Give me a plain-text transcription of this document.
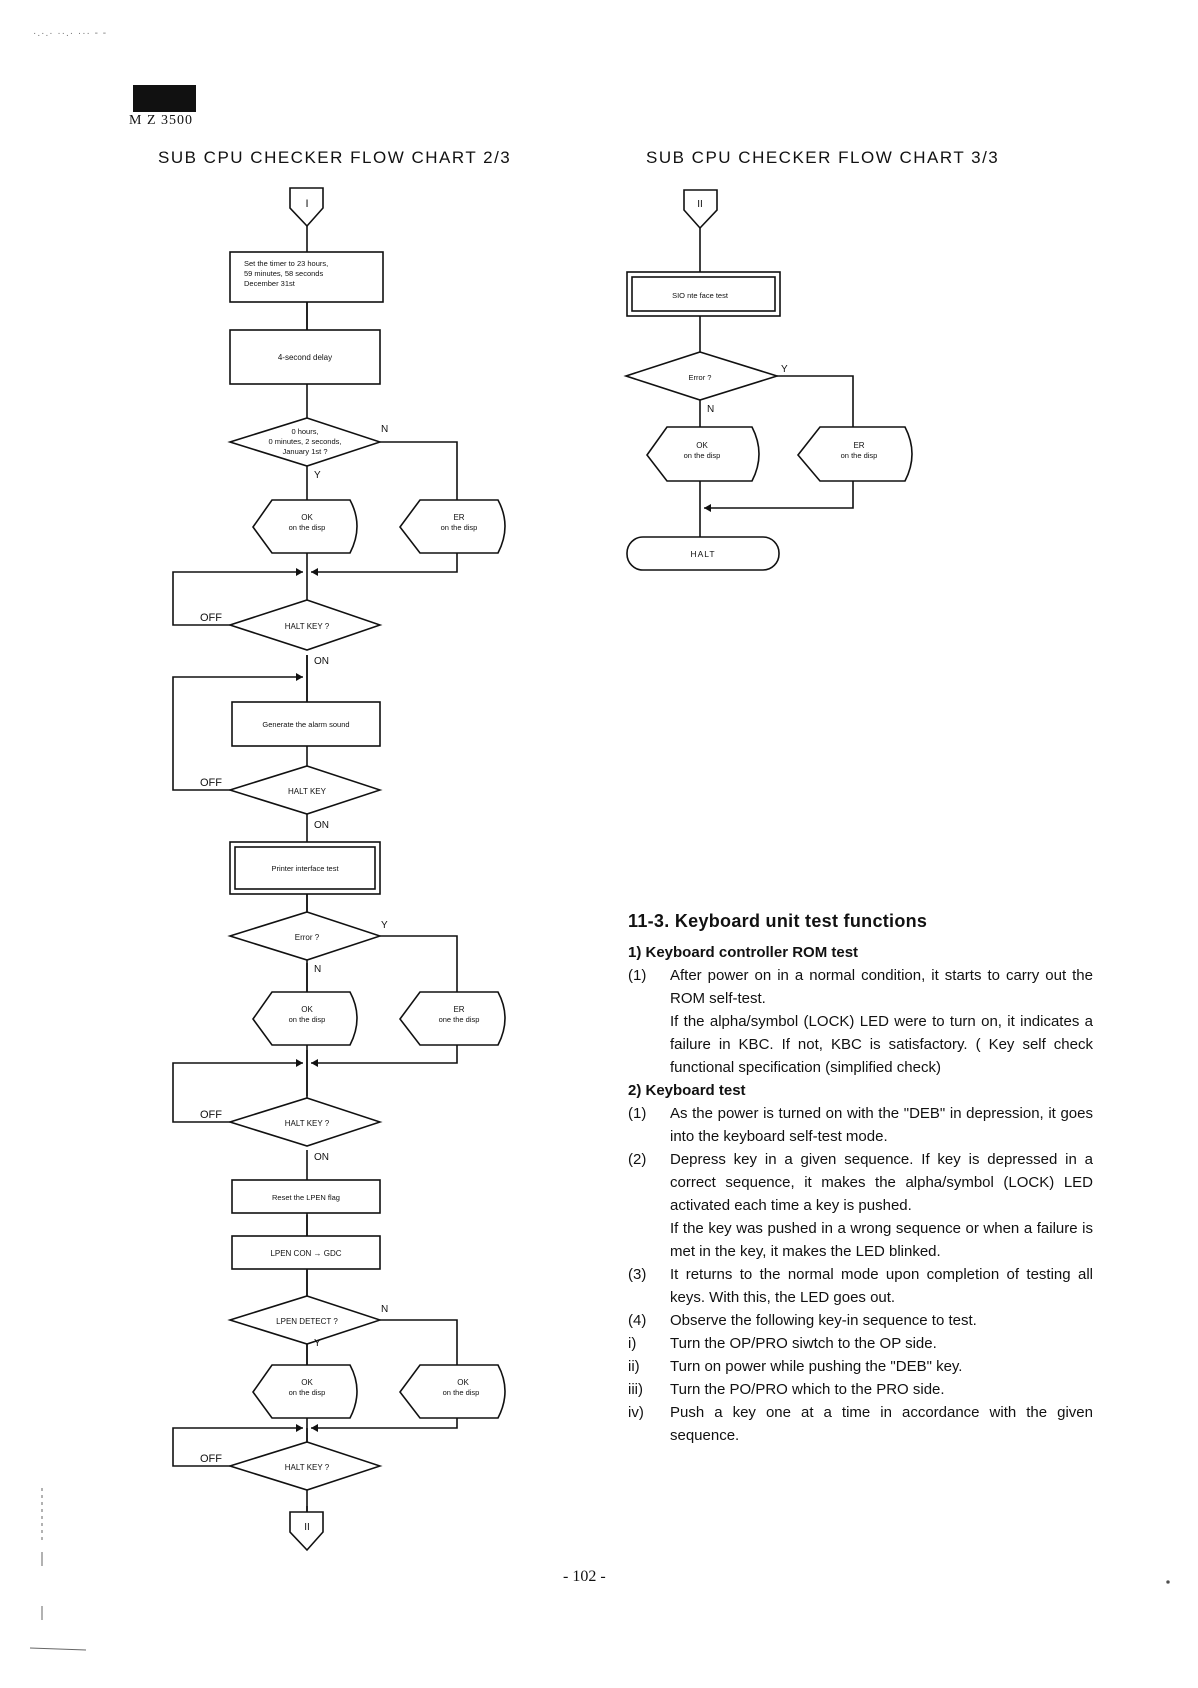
·.·.· ··.· ··· - -
M Z 3500
SUB CPU CHECKER FLOW CHART 2/3	SUB CPU CHECKER FLOW CHART 3/3
I
Set the timer to 23 hours,
59 minutes, 58 seconds
December 31st
4-second delay
0 hours,
0 minutes, 2 seconds,
January 1st ?
N
Y
OK
on the disp
ER
on the disp
HALT KEY ?
OFF
ON
Generate the alarm sound
HALT KEY
OFF
ON
Printer interface test
Error ?
Y
N
OK
on the disp
ER
one the disp
HALT KEY ?
OFF
ON
Reset the LPEN flag
LPEN CON → GDC
LPEN DETECT ?
N
Y
OK
on the disp
OK
on the disp
HALT KEY ?
OFF
II
II
SIO nte face test
Error ?
Y
N
OK
on the disp
ER
on the disp
HALT
11-3. Keyboard unit test functions

1) Keyboard controller ROM test

(1) After power on in a normal condition, it starts to carry out the ROM self-test.

If the alpha/symbol (LOCK) LED were to turn on, it indicates a failure in KBC. If not, KBC is satisfactory. ( Key self check functional specification (simplified check)

2) Keyboard test

(1) As the power is turned on with the "DEB" in depression, it goes into the keyboard self-test mode.

(2) Depress key in a given sequence. If key is depressed in a correct sequence, it makes the alpha/symbol (LOCK) LED activated each time a key is pushed.

If the key was pushed in a wrong sequence or when a failure is met in the key, it makes the LED blinked.

(3) It returns to the normal mode upon completion of testing all keys. With this, the LED goes out.

(4) Observe the following key-in sequence to test.

i) Turn the OP/PRO siwtch to the OP side.

ii) Turn on power while pushing the "DEB" key.

iii) Turn the PO/PRO which to the PRO side.

iv) Push a key one at a time in accordance with the given sequence.

- 102 -
